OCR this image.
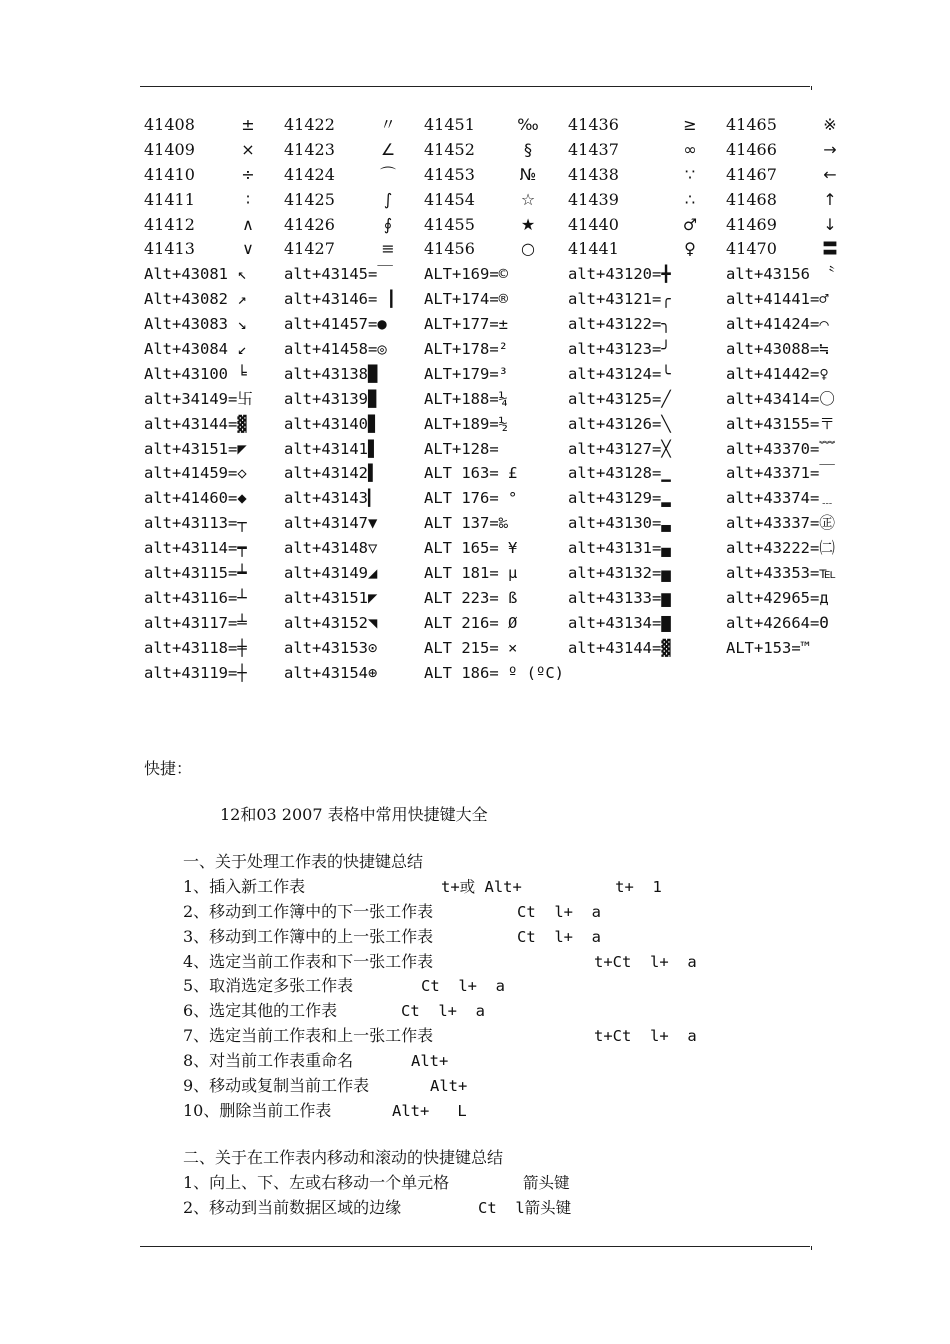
41408	±	41422	〃	41451	‰ 41436	≥	41465	※
41409	×	41423	∠	41452	§	41437	∞	41466	→
41410	÷	41424	⌒	41453	№	41438	∵	41467	←
41411	∶	41425	∫	41454	☆	41439	∴	41468	↑
41412	∧	41426	∮	41455	★	41440	♂	41469	↓
41413	∨	41427	≡	41456	○	41441	♀	41470	〓
Alt+43081 ↖ alt+43145=￣ ALT+169=©	alt+43120=╋	alt+43156 〝
Alt+43082 ↗ alt+43146= ┃ ALT+174=®	alt+43121=╭	alt+41441=♂
Alt+43083 ↘ alt+41457=● ALT+177=±	alt+43122=╮	alt+41424=⌒
Alt+43084 ↙ alt+41458=◎ ALT+178=²	alt+43123=╯	alt+43088=≒
Alt+43100 ╘ alt+43138█	ALT+179=³	alt+43124=╰	alt+41442=♀
alt+34149=卐 alt+43139▉	ALT+188=¼	alt+43125=╱	alt+43414=〇
alt+43144=▓ alt+43140▊	ALT+189=½	alt+43126=╲	alt+43155=〒
alt+43151=◤ alt+43141▋	ALT+128=	alt+43127=╳	alt+43370=﹌
alt+41459=◇ alt+43142▌	ALT 163= £	alt+43128=▁	alt+43371=￣
alt+41460=◆ alt+43143▎	ALT 176= °	alt+43129=▂	alt+43374=﹍
alt+43113=┬ alt+43147▼	ALT 137=‰	alt+43130=▃	alt+43337=㊣
alt+43114=┯ alt+43148▽	ALT 165= ¥	alt+43131=▄	alt+43222=㈡
alt+43115=┷ alt+43149◢	ALT 181= µ	alt+43132=▅	alt+43353=℡
alt+43116=┴ alt+43151◤	ALT 223= ß	alt+43133=▆	alt+42965=д
alt+43117=╧ alt+43152◥	ALT 216= Ø	alt+43134=▇	alt+42664=Θ
alt+43118=╪ alt+43153⊙	ALT 215= ×	alt+43144=▓	ALT+153=™
alt+43119=┼ alt+43154⊕	ALT 186= º (ºC)
快捷：
12和03 2007 表格中常用快捷键大全
一、关于处理工作表的快捷键总结
1、插入新工作表	t+或 Alt+          t+  1
2、移动到工作簿中的下一张工作表	Ct  l+  a
3、移动到工作簿中的上一张工作表	Ct  l+  a
4、选定当前工作表和下一张工作表	t+Ct  l+  a
5、取消选定多张工作表	Ct  l+  a
6、选定其他的工作表	Ct  l+  a
7、选定当前工作表和上一张工作表	t+Ct  l+  a
8、对当前工作表重命名	Alt+
9、移动或复制当前工作表	Alt+
10、删除当前工作表	Alt+   L
二、关于在工作表内移动和滚动的快捷键总结
1、向上、下、左或右移动一个单元格	箭头键
2、移动到当前数据区域的边缘	Ct  l箭头键
